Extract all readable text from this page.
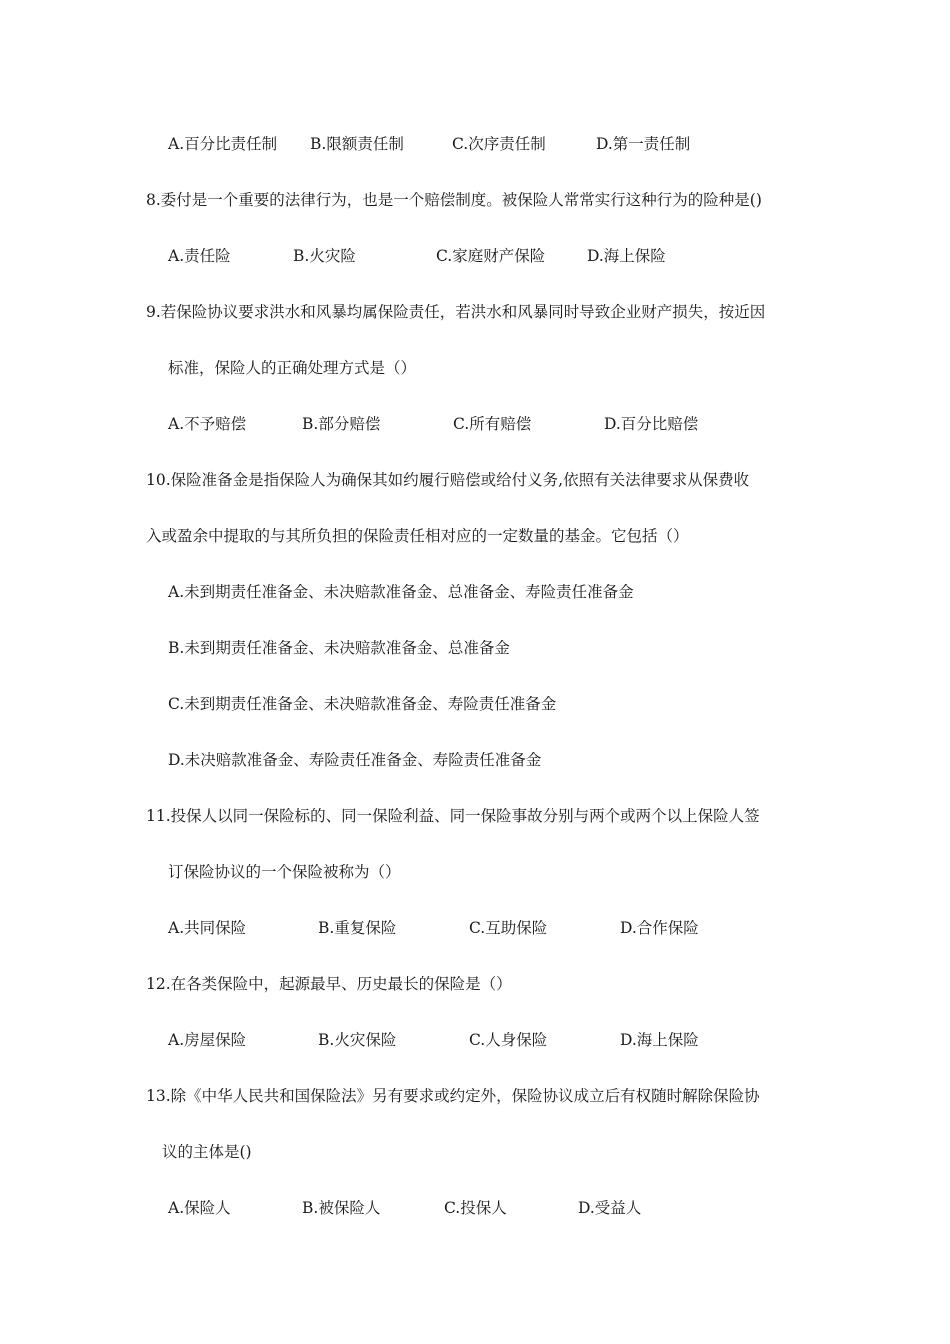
A.百分比责任制 B.限额责任制	C.次序责任制	D.第一责任制
8.委付是一个重要的法律行为，也是一个赔偿制度。被保险人常常实行这种行为的险种是()
A.责任险	B.火灾险	C.家庭财产保险	D.海上保险
9.若保险协议要求洪水和风暴均属保险责任，若洪水和风暴同时导致企业财产损失，按近因
标准，保险人的正确处理方式是（）
A.不予赔偿	B.部分赔偿	C.所有赔偿	D.百分比赔偿
10.保险准备金是指保险人为确保其如约履行赔偿或给付义务,依照有关法律要求从保费收
入或盈余中提取的与其所负担的保险责任相对应的一定数量的基金。它包括（）
A.未到期责任准备金、未决赔款准备金、总准备金、寿险责任准备金
B.未到期责任准备金、未决赔款准备金、总准备金
C.未到期责任准备金、未决赔款准备金、寿险责任准备金
D.未决赔款准备金、寿险责任准备金、寿险责任准备金
11.投保人以同一保险标的、同一保险利益、同一保险事故分别与两个或两个以上保险人签
订保险协议的一个保险被称为（）
A.共同保险	B.重复保险	C.互助保险	D.合作保险
12.在各类保险中，起源最早、历史最长的保险是（）
A.房屋保险	B.火灾保险	C.人身保险	D.海上保险
13.除《中华人民共和国保险法》另有要求或约定外，保险协议成立后有权随时解除保险协
议的主体是()
A.保险人	B.被保险人	C.投保人	D.受益人
